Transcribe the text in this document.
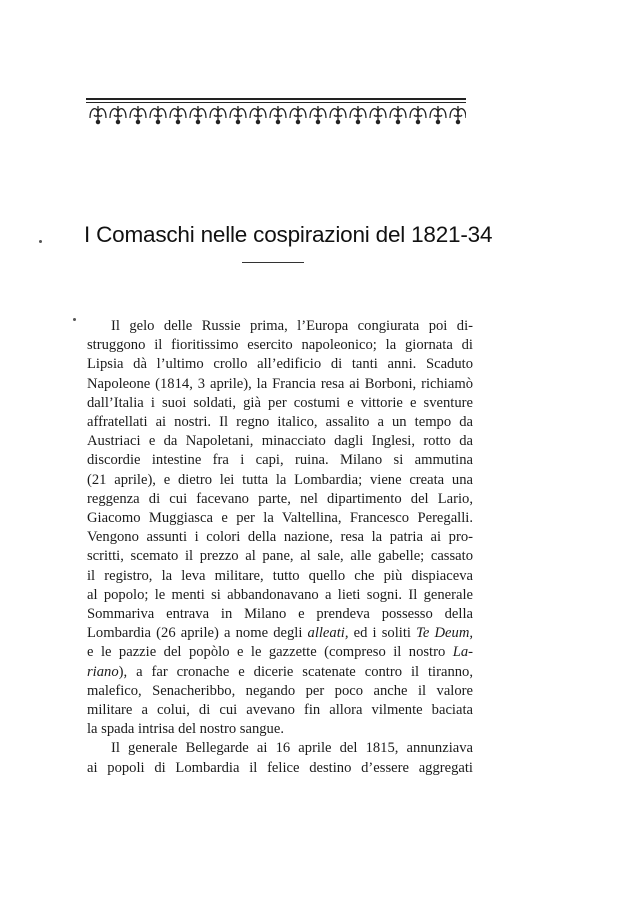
I Comaschi nelle cospirazioni del 1821-34

Il gelo delle Russie prima, l’Europa congiurata poi di-
struggono il fioritissimo esercito napoleonico; la giornata di
Lipsia dà l’ultimo crollo all’edificio di tanti anni. Scaduto
Napoleone (1814, 3 aprile), la Francia resa ai Borboni, richiamò
dall’Italia i suoi soldati, già per costumi e vittorie e sventure
affratellati ai nostri. Il regno italico, assalito a un tempo da
Austriaci e da Napoletani, minacciato dagli Inglesi, rotto da
discordie intestine fra i capi, ruina. Milano si ammutina
(21 aprile), e dietro lei tutta la Lombardia; viene creata una
reggenza di cui facevano parte, nel dipartimento del Lario,
Giacomo Muggiasca e per la Valtellina, Francesco Peregalli.
Vengono assunti i colori della nazione, resa la patria ai pro-
scritti, scemato il prezzo al pane, al sale, alle gabelle; cassato
il registro, la leva militare, tutto quello che più dispiaceva
al popolo; le menti si abbandonavano a lieti sogni. Il generale
Sommariva entrava in Milano e prendeva possesso della
Lombardia (26 aprile) a nome degli alleati, ed i soliti Te Deum,
e le pazzie del popòlo e le gazzette (compreso il nostro La-
riano), a far cronache e dicerie scatenate contro il tiranno,
malefico, Senacheribbo, negando per poco anche il valore
militare a colui, di cui avevano fin allora vilmente baciata
la spada intrisa del nostro sangue.

Il generale Bellegarde ai 16 aprile del 1815, annunziava
ai popoli di Lombardia il felice destino d’essere aggregati
